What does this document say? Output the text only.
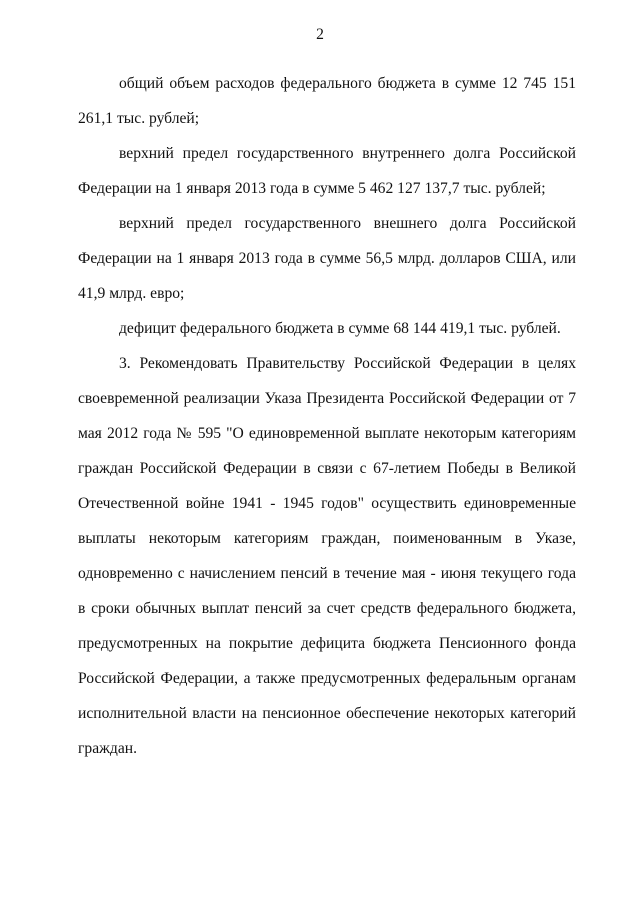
2

общий объем расходов федерального бюджета в сумме 12 745 151 261,1 тыс. рублей;

верхний предел государственного внутреннего долга Российской Федерации на 1 января 2013 года в сумме 5 462 127 137,7 тыс. рублей;

верхний предел государственного внешнего долга Российской Федерации на 1 января 2013 года в сумме 56,5 млрд. долларов США, или 41,9 млрд. евро;

дефицит федерального бюджета в сумме 68 144 419,1 тыс. рублей.

3. Рекомендовать Правительству Российской Федерации в целях своевременной реализации Указа Президента Российской Федерации от 7 мая 2012 года № 595 "О единовременной выплате некоторым категориям граждан Российской Федерации в связи с 67-летием Победы в Великой Отечественной войне 1941 - 1945 годов" осуществить единовременные выплаты некоторым категориям граждан, поименованным в Указе, одновременно с начислением пенсий в течение мая - июня текущего года в сроки обычных выплат пенсий за счет средств федерального бюджета, предусмотренных на покрытие дефицита бюджета Пенсионного фонда Российской Федерации, а также предусмотренных федеральным органам исполнительной власти на пенсионное обеспечение некоторых категорий граждан.
